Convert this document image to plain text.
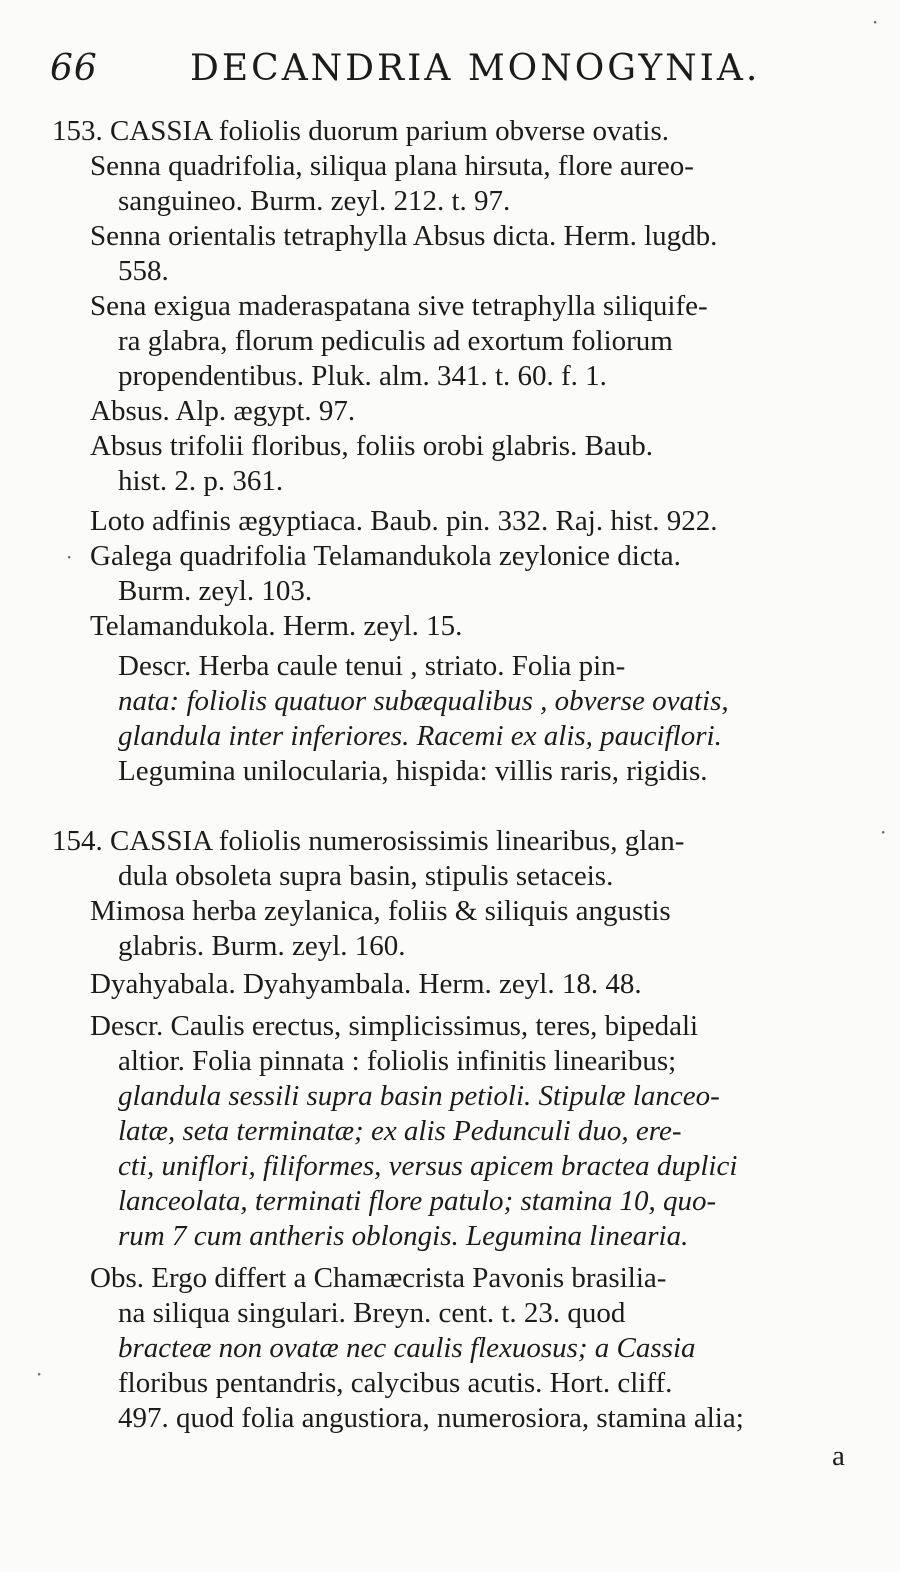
66	DECANDRIA MONOGYNIA.
153. CASSIA foliolis duorum parium obverse ovatis.
Senna quadrifolia, siliqua plana hirsuta, flore aureo-
sanguineo. Burm. zeyl. 212. t. 97.
Senna orientalis tetraphylla Absus dicta. Herm. lugdb.
558.
Sena exigua maderaspatana sive tetraphylla siliquife-
ra glabra, florum pediculis ad exortum foliorum
propendentibus. Pluk. alm. 341. t. 60. f. 1.
Absus. Alp. ægypt. 97.
Absus trifolii floribus, foliis orobi glabris. Baub.
hist. 2. p. 361.
Loto adfinis ægyptiaca. Baub. pin. 332. Raj. hist. 922.
Galega quadrifolia Telamandukola zeylonice dicta.
Burm. zeyl. 103.
Telamandukola. Herm. zeyl. 15.
Descr. Herba caule tenui , striato. Folia pin-
nata: foliolis quatuor subæqualibus , obverse ovatis,
glandula inter inferiores. Racemi ex alis, pauciflori.
Legumina unilocularia, hispida: villis raris, rigidis.
154. CASSIA foliolis numerosissimis linearibus, glan-
dula obsoleta supra basin, stipulis setaceis.
Mimosa herba zeylanica, foliis & siliquis angustis
glabris. Burm. zeyl. 160.
Dyahyabala. Dyahyambala. Herm. zeyl. 18. 48.
Descr. Caulis erectus, simplicissimus, teres, bipedali
altior. Folia pinnata : foliolis infinitis linearibus;
glandula sessili supra basin petioli. Stipulæ lanceo-
latæ, seta terminatæ; ex alis Pedunculi duo, ere-
cti, uniflori, filiformes, versus apicem bractea duplici
lanceolata, terminati flore patulo; stamina 10, quo-
rum 7 cum antheris oblongis. Legumina linearia.
Obs. Ergo differt a Chamæcrista Pavonis brasilia-
na siliqua singulari. Breyn. cent. t. 23. quod
bracteæ non ovatæ nec caulis flexuosus; a Cassia
floribus pentandris, calycibus acutis. Hort. cliff.
497. quod folia angustiora, numerosiora, stamina alia;
a
·
·
·
·
